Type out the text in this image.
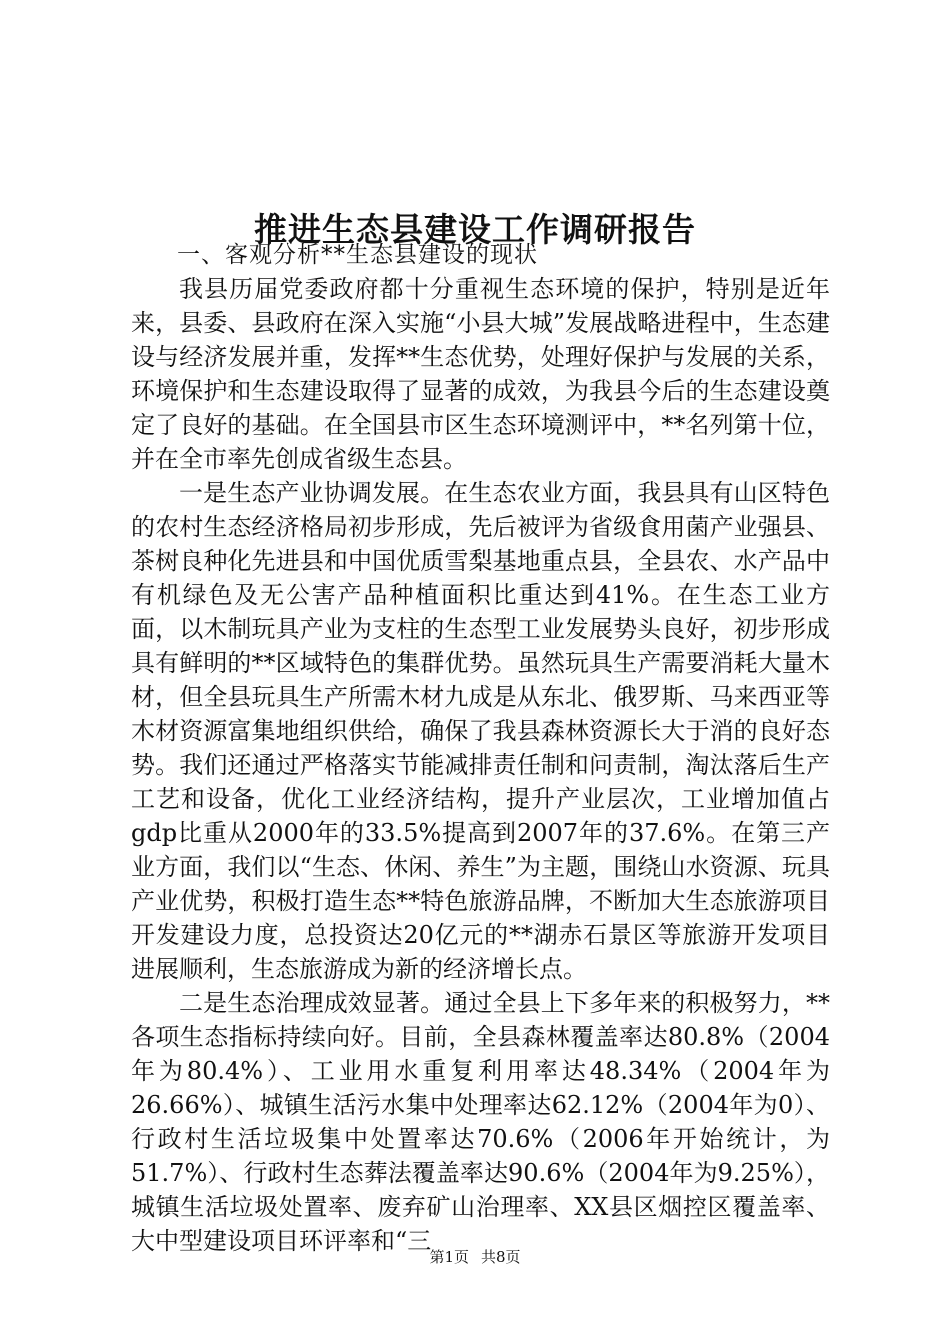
推进生态县建设工作调研报告

一、客观分析**生态县建设的现状

我县历届党委政府都十分重视生态环境的保护，特别是近年来，县委、县政府在深入实施“小县大城”发展战略进程中，生态建设与经济发展并重，发挥**生态优势，处理好保护与发展的关系，环境保护和生态建设取得了显著的成效，为我县今后的生态建设奠定了良好的基础。在全国县市区生态环境测评中，**名列第十位，并在全市率先创成省级生态县。

一是生态产业协调发展。在生态农业方面，我县具有山区特色的农村生态经济格局初步形成，先后被评为省级食用菌产业强县、茶树良种化先进县和中国优质雪梨基地重点县，全县农、水产品中有机绿色及无公害产品种植面积比重达到41%。在生态工业方面，以木制玩具产业为支柱的生态型工业发展势头良好，初步形成具有鲜明的**区域特色的集群优势。虽然玩具生产需要消耗大量木材，但全县玩具生产所需木材九成是从东北、俄罗斯、马来西亚等木材资源富集地组织供给，确保了我县森林资源长大于消的良好态势。我们还通过严格落实节能减排责任制和问责制，淘汰落后生产工艺和设备，优化工业经济结构，提升产业层次，工业增加值占gdp比重从2000年的33.5%提高到2007年的37.6%。在第三产业方面，我们以“生态、休闲、养生”为主题，围绕山水资源、玩具产业优势，积极打造生态**特色旅游品牌，不断加大生态旅游项目开发建设力度，总投资达20亿元的**湖赤石景区等旅游开发项目进展顺利，生态旅游成为新的经济增长点。

二是生态治理成效显著。通过全县上下多年来的积极努力，**各项生态指标持续向好。目前，全县森林覆盖率达80.8%（2004年为80.4%）、工业用水重复利用率达48.34%（2004年为26.66%）、城镇生活污水集中处理率达62.12%（2004年为0）、行政村生活垃圾集中处置率达70.6%（2006年开始统计，为51.7%）、行政村生态葬法覆盖率达90.6%（2004年为9.25%），城镇生活垃圾处置率、废弃矿山治理率、XX县区烟控区覆盖率、大中型建设项目环评率和“三

第1页 共8页
